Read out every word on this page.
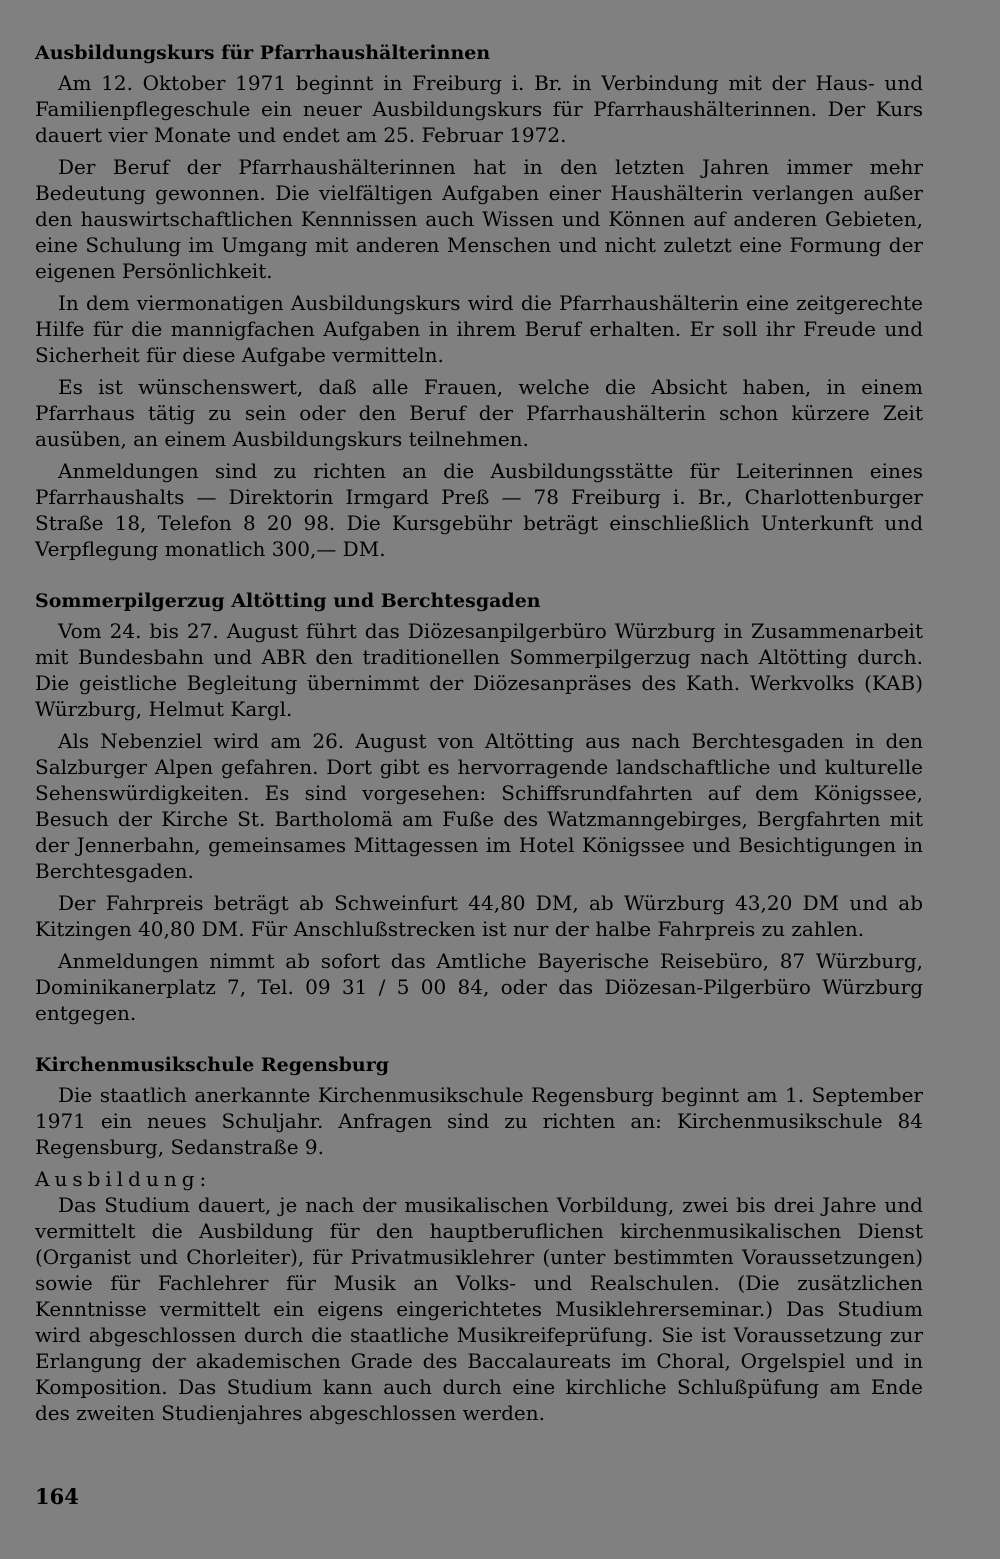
Ausbildungskurs für Pfarrhaushälterinnen

Am 12. Oktober 1971 beginnt in Freiburg i. Br. in Verbindung mit der Haus- und Familienpflegeschule ein neuer Ausbildungskurs für Pfarrhaushälterinnen. Der Kurs dauert vier Monate und endet am 25. Februar 1972.

Der Beruf der Pfarrhaushälterinnen hat in den letzten Jahren immer mehr Bedeutung gewonnen. Die vielfältigen Aufgaben einer Haushälterin verlangen außer den hauswirtschaftlichen Kennnissen auch Wissen und Können auf anderen Gebieten, eine Schulung im Umgang mit anderen Menschen und nicht zuletzt eine Formung der eigenen Persönlichkeit.

In dem viermonatigen Ausbildungskurs wird die Pfarrhaushälterin eine zeitgerechte Hilfe für die mannigfachen Aufgaben in ihrem Beruf erhalten. Er soll ihr Freude und Sicherheit für diese Aufgabe vermitteln.

Es ist wünschenswert, daß alle Frauen, welche die Absicht haben, in einem Pfarrhaus tätig zu sein oder den Beruf der Pfarrhaushälterin schon kürzere Zeit ausüben, an einem Ausbildungskurs teilnehmen.

Anmeldungen sind zu richten an die Ausbildungsstätte für Leiterinnen eines Pfarrhaushalts — Direktorin Irmgard Preß — 78 Freiburg i. Br., Charlottenburger Straße 18, Telefon 8 20 98. Die Kursgebühr beträgt einschließlich Unterkunft und Verpflegung monatlich 300,— DM.

Sommerpilgerzug Altötting und Berchtesgaden

Vom 24. bis 27. August führt das Diözesanpilgerbüro Würzburg in Zusammenarbeit mit Bundesbahn und ABR den traditionellen Sommerpilgerzug nach Altötting durch. Die geistliche Begleitung übernimmt der Diözesanpräses des Kath. Werkvolks (KAB) Würzburg, Helmut Kargl.

Als Nebenziel wird am 26. August von Altötting aus nach Berchtesgaden in den Salzburger Alpen gefahren. Dort gibt es hervorragende landschaftliche und kulturelle Sehenswürdigkeiten. Es sind vorgesehen: Schiffsrundfahrten auf dem Königssee, Besuch der Kirche St. Bartholomä am Fuße des Watzmanngebirges, Bergfahrten mit der Jennerbahn, gemeinsames Mittagessen im Hotel Königssee und Besichtigungen in Berchtesgaden.

Der Fahrpreis beträgt ab Schweinfurt 44,80 DM, ab Würzburg 43,20 DM und ab Kitzingen 40,80 DM. Für Anschlußstrecken ist nur der halbe Fahrpreis zu zahlen.

Anmeldungen nimmt ab sofort das Amtliche Bayerische Reisebüro, 87 Würzburg, Dominikanerplatz 7, Tel. 09 31 / 5 00 84, oder das Diözesan-Pilgerbüro Würzburg entgegen.

Kirchenmusikschule Regensburg

Die staatlich anerkannte Kirchenmusikschule Regensburg beginnt am 1. September 1971 ein neues Schuljahr. Anfragen sind zu richten an: Kirchenmusikschule 84 Regensburg, Sedanstraße 9.

Ausbildung:

Das Studium dauert, je nach der musikalischen Vorbildung, zwei bis drei Jahre und vermittelt die Ausbildung für den hauptberuflichen kirchenmusikalischen Dienst (Organist und Chorleiter), für Privatmusiklehrer (unter bestimmten Voraussetzungen) sowie für Fachlehrer für Musik an Volks- und Realschulen. (Die zusätzlichen Kenntnisse vermittelt ein eigens eingerichtetes Musiklehrerseminar.) Das Studium wird abgeschlossen durch die staatliche Musikreifeprüfung. Sie ist Voraussetzung zur Erlangung der akademischen Grade des Baccalaureats im Choral, Orgelspiel und in Komposition. Das Studium kann auch durch eine kirchliche Schlußpüfung am Ende des zweiten Studienjahres abgeschlossen werden.

164
